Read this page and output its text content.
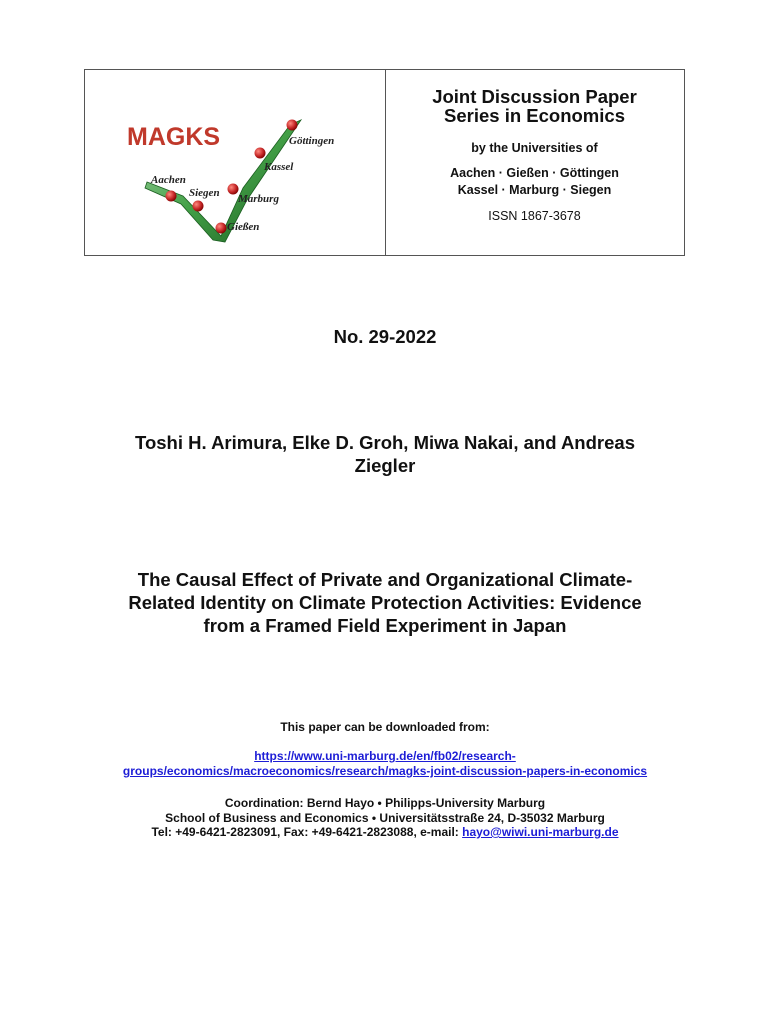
MAGKS	Göttingen
Kassel
Aachen
Siegen Marburg
Gießen
Joint Discussion Paper
Series in Economics
by the Universities of
Aachen · Gießen · Göttingen
Kassel · Marburg · Siegen
ISSN 1867-3678
No. 29-2022
Toshi H. Arimura, Elke D. Groh, Miwa Nakai, and Andreas
Ziegler
The Causal Effect of Private and Organizational Climate-
Related Identity on Climate Protection Activities: Evidence
from a Framed Field Experiment in Japan
This paper can be downloaded from:
https://www.uni-marburg.de/en/fb02/research-
groups/economics/macroeconomics/research/magks-joint-discussion-papers-in-economics
Coordination: Bernd Hayo • Philipps-University Marburg
School of Business and Economics • Universitätsstraße 24, D-35032 Marburg
Tel: +49-6421-2823091, Fax: +49-6421-2823088, e-mail: hayo@wiwi.uni-marburg.de
